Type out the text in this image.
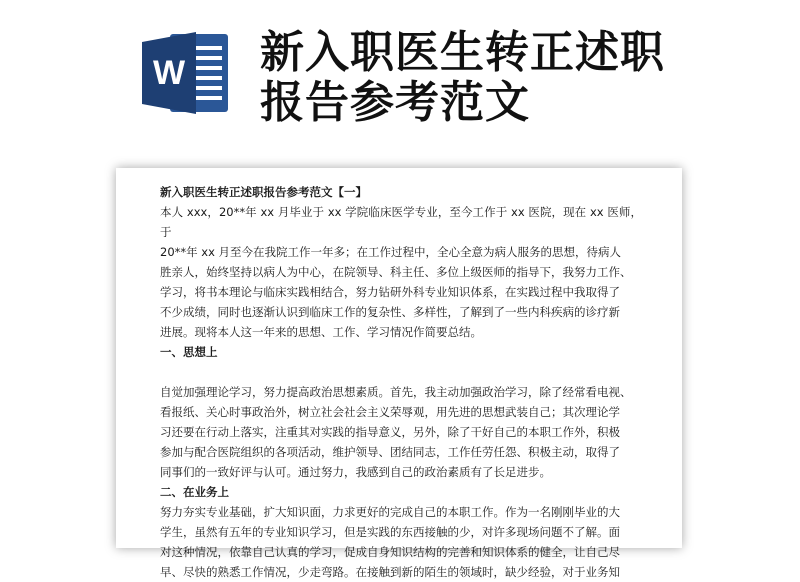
W 新入职医生转正述职
报告参考范文

新入职医生转正述职报告参考范文【一】

本人 xxx，20**年 xx 月毕业于 xx 学院临床医学专业，至今工作于 xx 医院，现在 xx 医师，于

20**年 xx 月至今在我院工作一年多；在工作过程中，全心全意为病人服务的思想，待病人

胜亲人，始终坚持以病人为中心，在院领导、科主任、多位上级医师的指导下，我努力工作、

学习，将书本理论与临床实践相结合，努力钻研外科专业知识体系，在实践过程中我取得了

不少成绩，同时也逐渐认识到临床工作的复杂性、多样性，了解到了一些内科疾病的诊疗新

进展。现将本人这一年来的思想、工作、学习情况作简要总结。

一、思想上

自觉加强理论学习，努力提高政治思想素质。首先，我主动加强政治学习，除了经常看电视、

看报纸、关心时事政治外，树立社会社会主义荣辱观，用先进的思想武装自己；其次理论学

习还要在行动上落实，注重其对实践的指导意义，另外，除了干好自己的本职工作外，积极

参加与配合医院组织的各项活动，维护领导、团结同志，工作任劳任怨、积极主动，取得了

同事们的一致好评与认可。通过努力，我感到自己的政治素质有了长足进步。

二、在业务上

努力夯实专业基础，扩大知识面，力求更好的完成自己的本职工作。作为一名刚刚毕业的大

学生，虽然有五年的专业知识学习，但是实践的东西接触的少，对许多现场问题不了解。面

对这种情况，依靠自己认真的学习，促成自身知识结构的完善和知识体系的健全，让自己尽

早、尽快的熟悉工作情况，少走弯路。在接触到新的陌生的领域时，缺少经验，对于业务知
